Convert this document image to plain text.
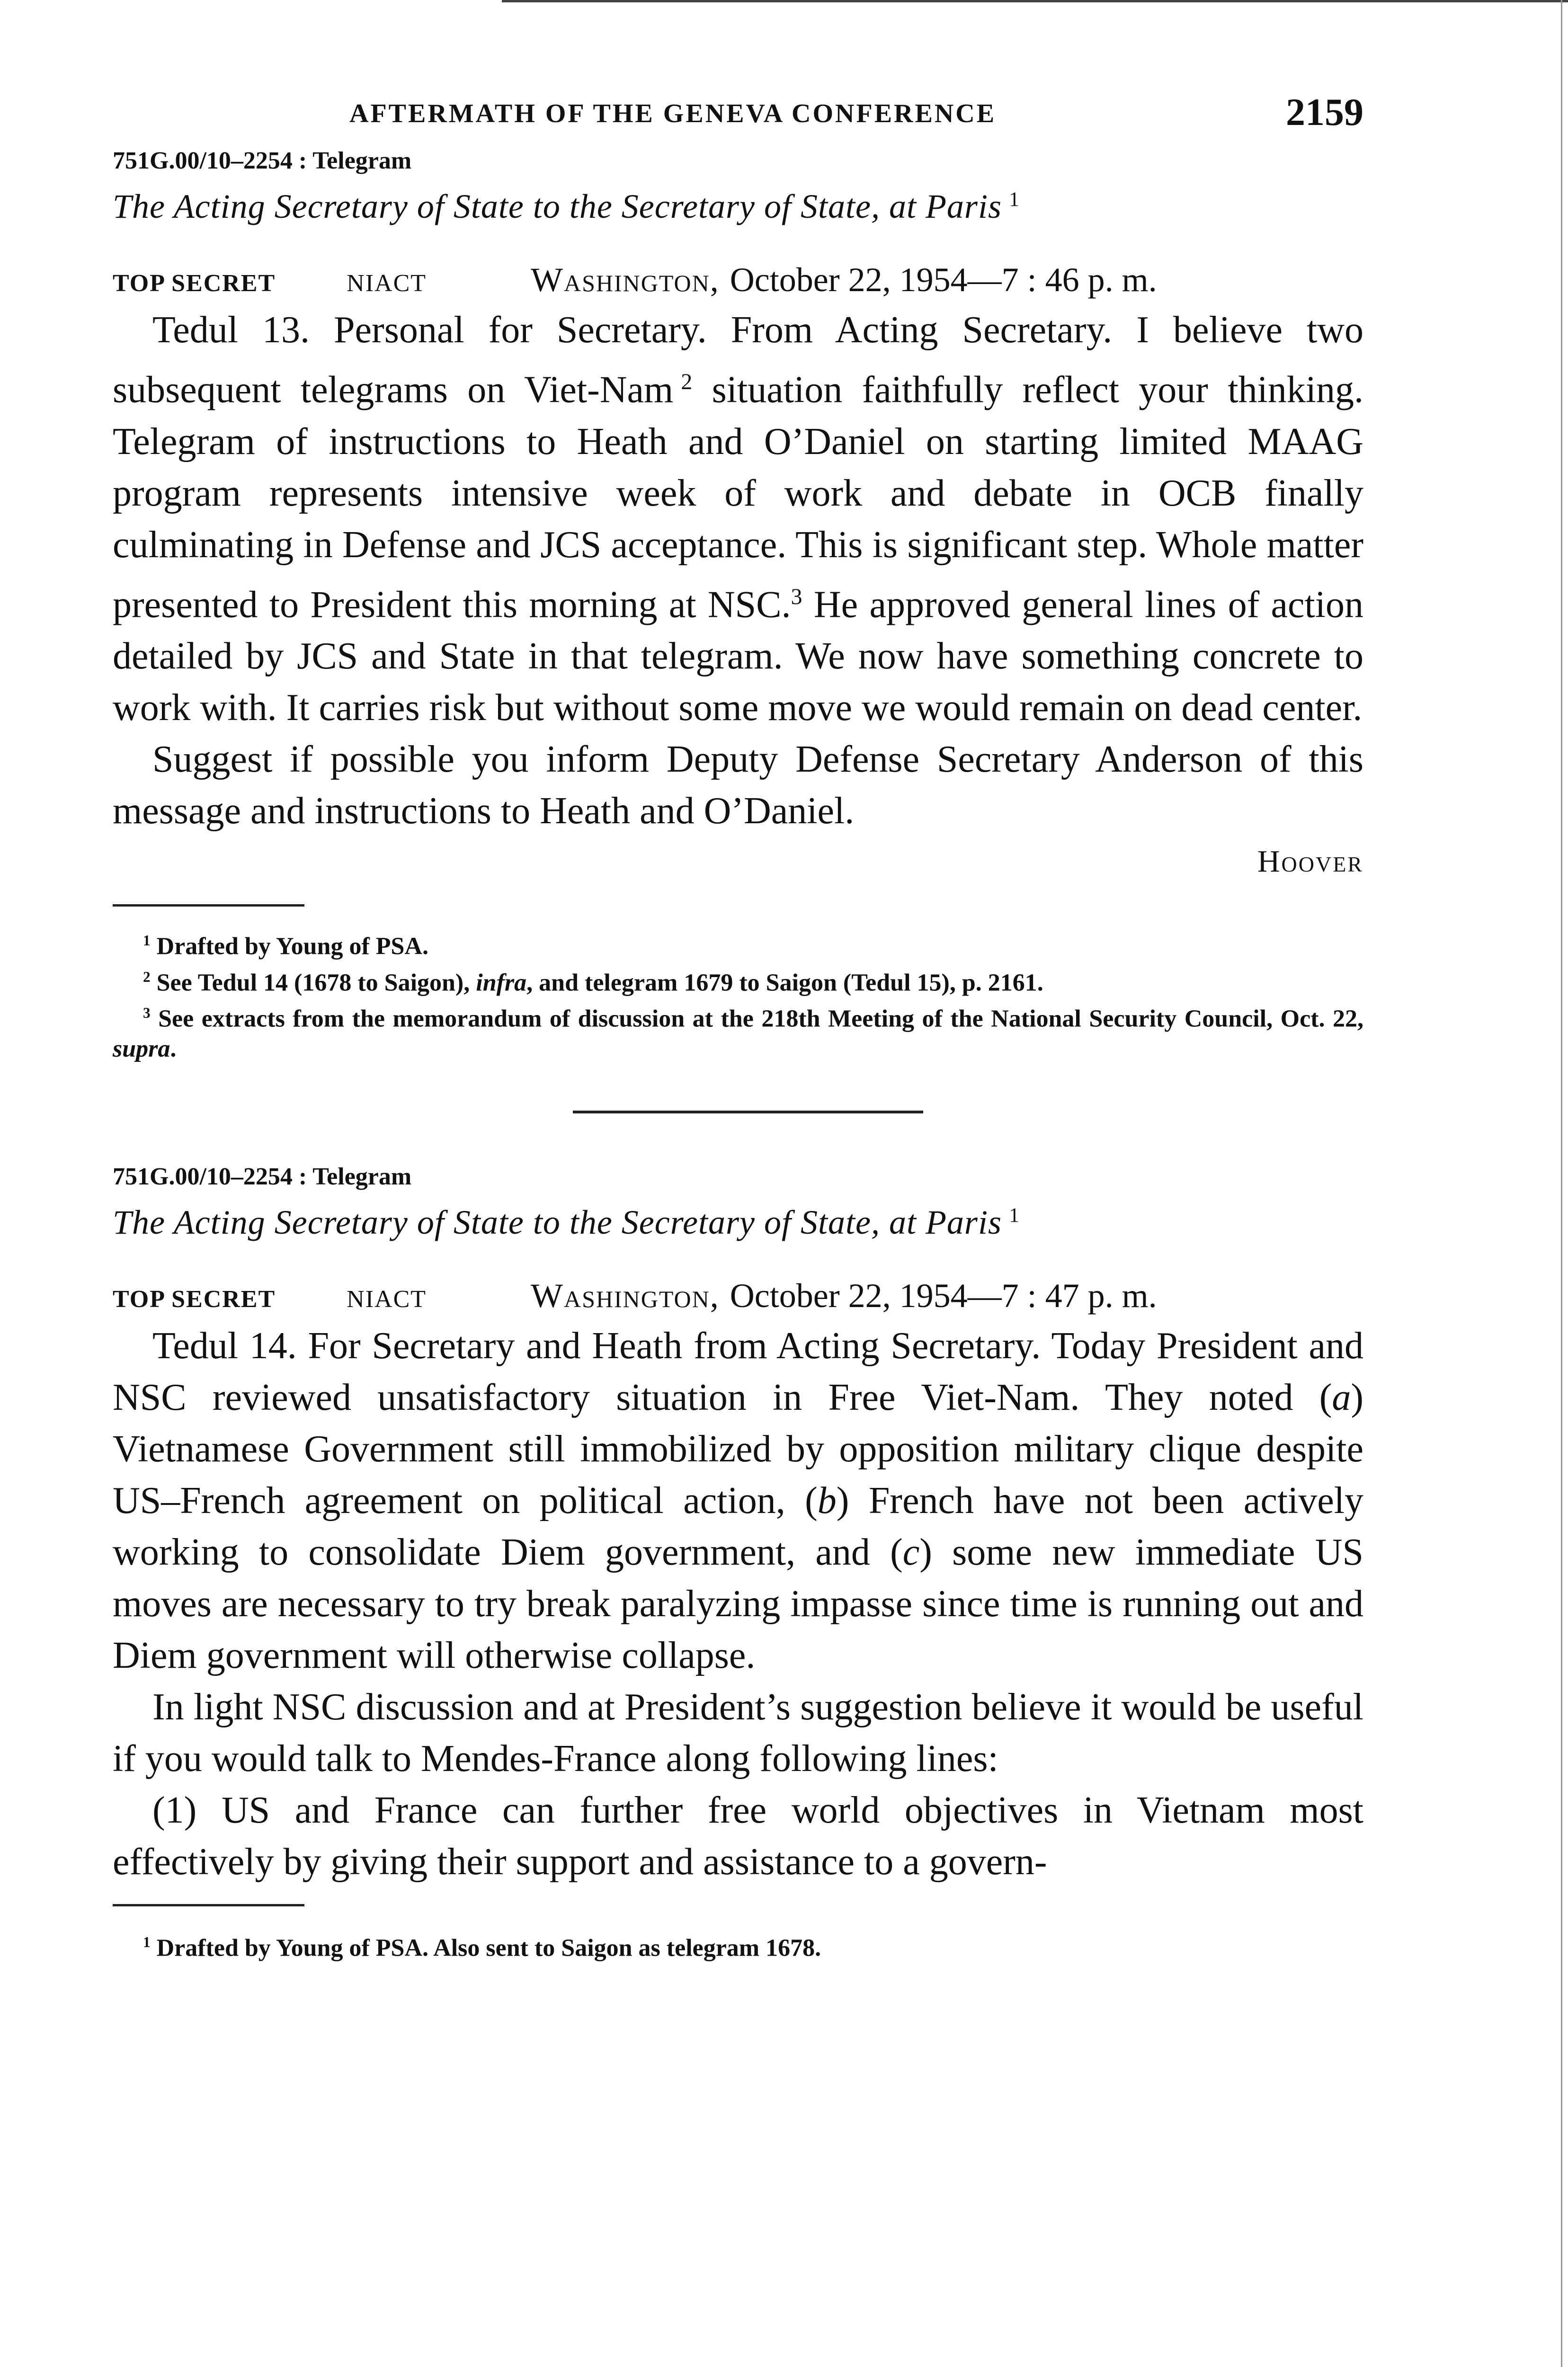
AFTERMATH OF THE GENEVA CONFERENCE	2159

751G.00/10–2254 : Telegram

The Acting Secretary of State to the Secretary of State, at Paris  $^1$

TOP SECRET	NIACT	Washington,
October 22, 1954—7 : 46 p. m.

Tedul 13. Personal for Secretary. From Acting Secretary. I believe two subsequent telegrams on Viet-Nam  $^2$ situation faithfully reflect your thinking. Telegram of instructions to Heath and O’Daniel on starting limited MAAG program represents intensive week of work and debate in OCB finally culminating in Defense and JCS acceptance. This is significant step. Whole matter presented to President this morning at NSC.$^3$ He approved general lines of action detailed by JCS and State in that telegram. We now have something concrete to work with. It carries risk but without some move we would remain on dead center.

Suggest if possible you inform Deputy Defense Secretary Anderson of this message and instructions to Heath and O’Daniel.

Hoover

$^1$ Drafted by Young of PSA.

$^2$ See Tedul 14 (1678 to Saigon), infra, and telegram 1679 to Saigon (Tedul 15), p. 2161.

$^3$ See extracts from the memorandum of discussion at the 218th Meeting of the National Security Council, Oct. 22, supra.

751G.00/10–2254 : Telegram

The Acting Secretary of State to the Secretary of State, at Paris  $^1$

TOP SECRET	NIACT	Washington,
October 22, 1954—7 : 47 p. m.

Tedul 14. For Secretary and Heath from Acting Secretary. Today President and NSC reviewed unsatisfactory situation in Free Viet-Nam. They noted (a) Vietnamese Government still immobilized by opposition military clique despite US–French agreement on political action, (b) French have not been actively working to consolidate Diem government, and (c) some new immediate US moves are necessary to try break paralyzing impasse since time is running out and Diem government will otherwise collapse.

In light NSC discussion and at President’s suggestion believe it would be useful if you would talk to Mendes-France along following lines:

(1) US and France can further free world objectives in Vietnam most effectively by giving their support and assistance to a govern-

$^1$ Drafted by Young of PSA. Also sent to Saigon as telegram 1678.
